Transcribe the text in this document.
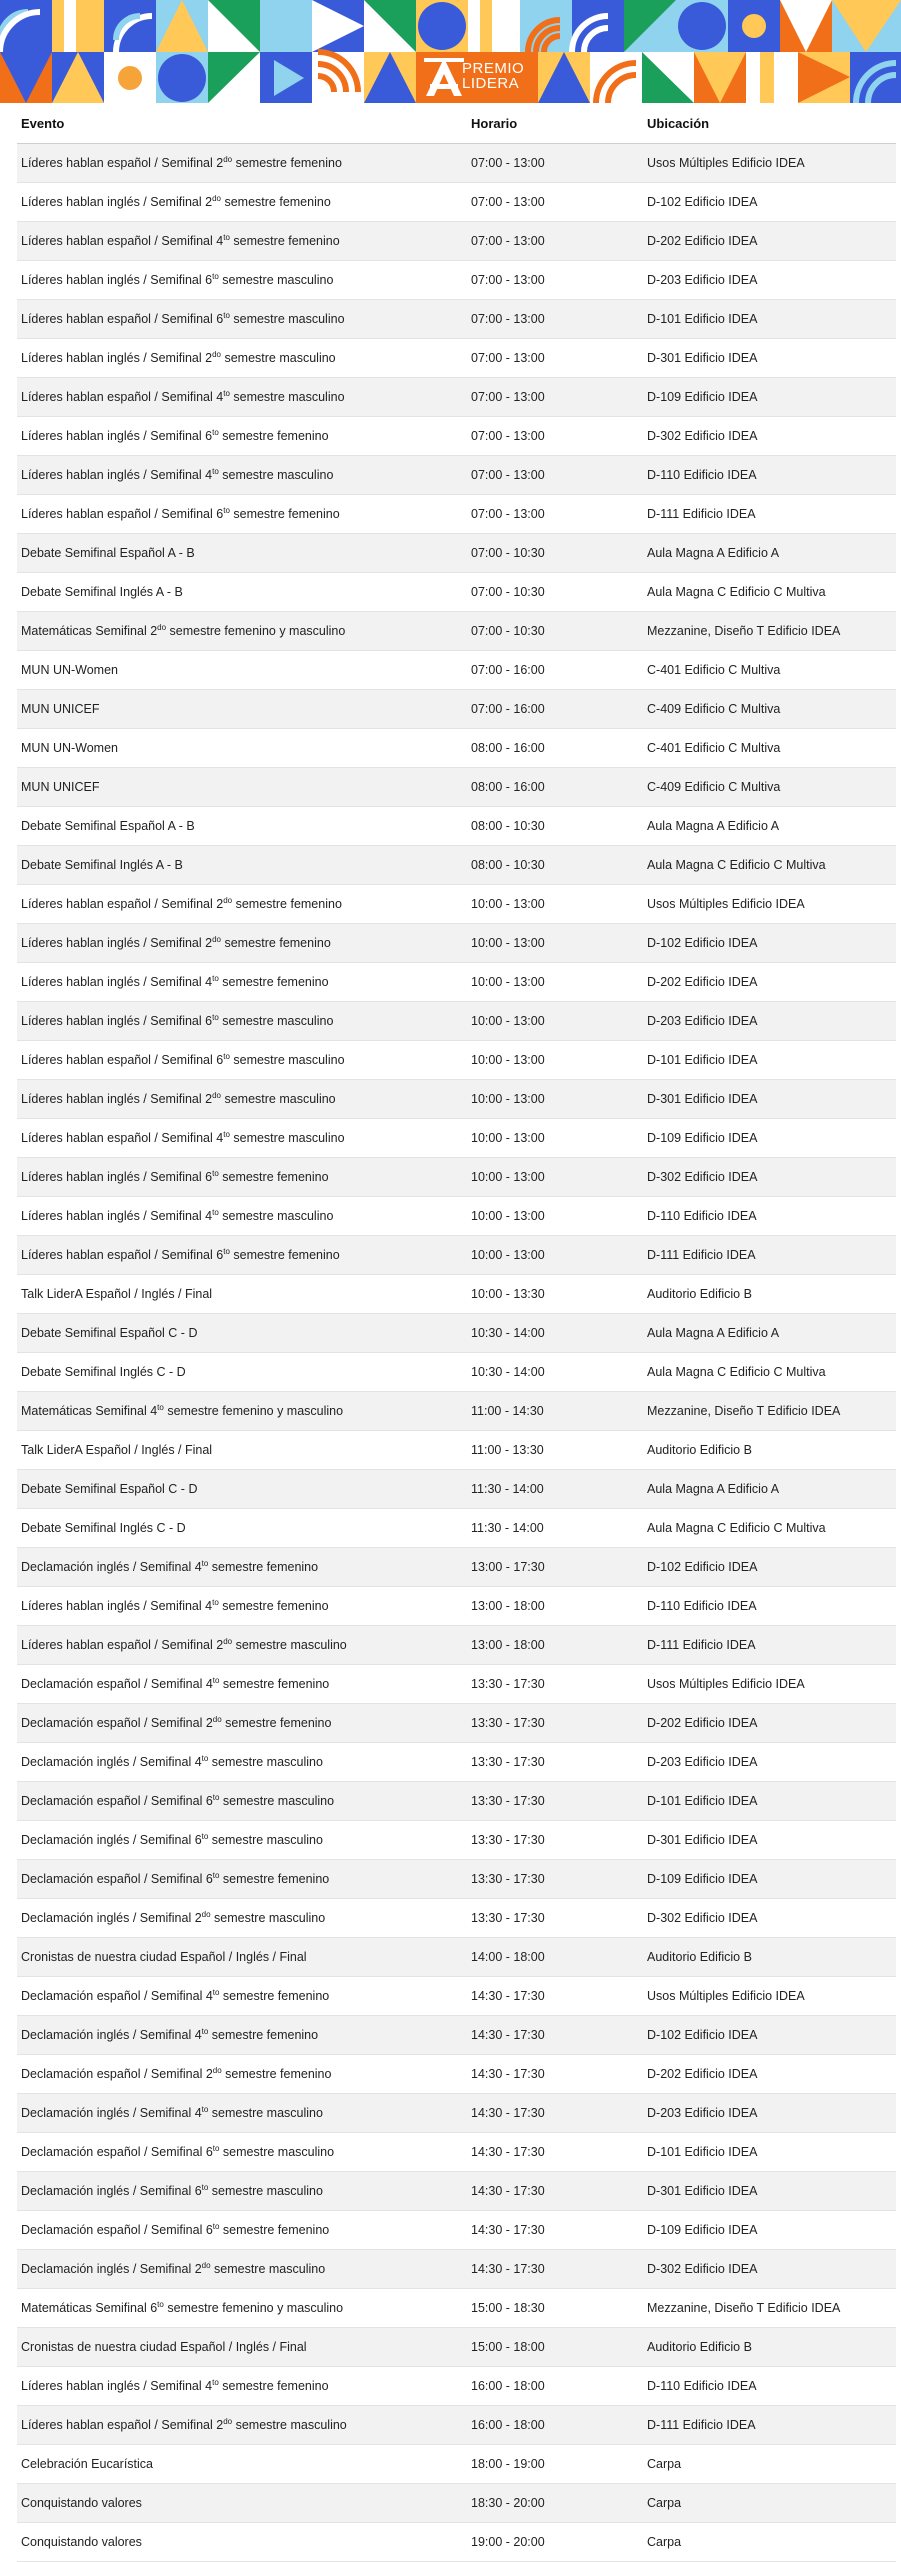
PREMIO
LIDERA
Evento	Horario	Ubicación
Líderes hablan español / Semifinal $2^{do}$ semestre femenino	07:00 - 13:00	Usos Múltiples Edificio IDEA
Líderes hablan inglés / Semifinal $2^{do}$ semestre femenino	07:00 - 13:00	D-102 Edificio IDEA
Líderes hablan español / Semifinal $4^{to}$ semestre femenino	07:00 - 13:00	D-202 Edificio IDEA
Líderes hablan inglés / Semifinal $6^{to}$ semestre masculino	07:00 - 13:00	D-203 Edificio IDEA
Líderes hablan español / Semifinal $6^{to}$ semestre masculino	07:00 - 13:00	D-101 Edificio IDEA
Líderes hablan inglés / Semifinal $2^{do}$ semestre masculino	07:00 - 13:00	D-301 Edificio IDEA
Líderes hablan español / Semifinal $4^{to}$ semestre masculino	07:00 - 13:00	D-109 Edificio IDEA
Líderes hablan inglés / Semifinal $6^{to}$ semestre femenino	07:00 - 13:00	D-302 Edificio IDEA
Líderes hablan inglés / Semifinal $4^{to}$ semestre masculino	07:00 - 13:00	D-110 Edificio IDEA
Líderes hablan español / Semifinal $6^{to}$ semestre femenino	07:00 - 13:00	D-111 Edificio IDEA
Debate Semifinal Español A - B	07:00 - 10:30	Aula Magna A Edificio A
Debate Semifinal Inglés A - B	07:00 - 10:30	Aula Magna C Edificio C Multiva
Matemáticas Semifinal $2^{do}$ semestre femenino y masculino	07:00 - 10:30	Mezzanine, Diseño T Edificio IDEA
MUN UN-Women	07:00 - 16:00	C-401 Edificio C Multiva
MUN UNICEF	07:00 - 16:00	C-409 Edificio C Multiva
MUN UN-Women	08:00 - 16:00	C-401 Edificio C Multiva
MUN UNICEF	08:00 - 16:00	C-409 Edificio C Multiva
Debate Semifinal Español A - B	08:00 - 10:30	Aula Magna A Edificio A
Debate Semifinal Inglés A - B	08:00 - 10:30	Aula Magna C Edificio C Multiva
Líderes hablan español / Semifinal $2^{do}$ semestre femenino	10:00 - 13:00	Usos Múltiples Edificio IDEA
Líderes hablan inglés / Semifinal $2^{do}$ semestre femenino	10:00 - 13:00	D-102 Edificio IDEA
Líderes hablan inglés / Semifinal $4^{to}$ semestre femenino	10:00 - 13:00	D-202 Edificio IDEA
Líderes hablan inglés / Semifinal $6^{to}$ semestre masculino	10:00 - 13:00	D-203 Edificio IDEA
Líderes hablan español / Semifinal $6^{to}$ semestre masculino	10:00 - 13:00	D-101 Edificio IDEA
Líderes hablan inglés / Semifinal $2^{do}$ semestre masculino	10:00 - 13:00	D-301 Edificio IDEA
Líderes hablan español / Semifinal $4^{to}$ semestre masculino	10:00 - 13:00	D-109 Edificio IDEA
Líderes hablan inglés / Semifinal $6^{to}$ semestre femenino	10:00 - 13:00	D-302 Edificio IDEA
Líderes hablan inglés / Semifinal $4^{to}$ semestre masculino	10:00 - 13:00	D-110 Edificio IDEA
Líderes hablan español / Semifinal $6^{to}$ semestre femenino	10:00 - 13:00	D-111 Edificio IDEA
Talk LiderA Español / Inglés / Final	10:00 - 13:30	Auditorio Edificio B
Debate Semifinal Español C - D	10:30 - 14:00	Aula Magna A Edificio A
Debate Semifinal Inglés C - D	10:30 - 14:00	Aula Magna C Edificio C Multiva
Matemáticas Semifinal $4^{to}$ semestre femenino y masculino	11:00 - 14:30	Mezzanine, Diseño T Edificio IDEA
Talk LiderA Español / Inglés / Final	11:00 - 13:30	Auditorio Edificio B
Debate Semifinal Español C - D	11:30 - 14:00	Aula Magna A Edificio A
Debate Semifinal Inglés C - D	11:30 - 14:00	Aula Magna C Edificio C Multiva
Declamación inglés / Semifinal $4^{to}$ semestre femenino	13:00 - 17:30	D-102 Edificio IDEA
Líderes hablan inglés / Semifinal $4^{to}$ semestre femenino	13:00 - 18:00	D-110 Edificio IDEA
Líderes hablan español / Semifinal $2^{do}$ semestre masculino	13:00 - 18:00	D-111 Edificio IDEA
Declamación español / Semifinal $4^{to}$ semestre femenino	13:30 - 17:30	Usos Múltiples Edificio IDEA
Declamación español / Semifinal $2^{do}$ semestre femenino	13:30 - 17:30	D-202 Edificio IDEA
Declamación inglés / Semifinal $4^{to}$ semestre masculino	13:30 - 17:30	D-203 Edificio IDEA
Declamación español / Semifinal $6^{to}$ semestre masculino	13:30 - 17:30	D-101 Edificio IDEA
Declamación inglés / Semifinal $6^{to}$ semestre masculino	13:30 - 17:30	D-301 Edificio IDEA
Declamación español / Semifinal $6^{to}$ semestre femenino	13:30 - 17:30	D-109 Edificio IDEA
Declamación inglés / Semifinal $2^{do}$ semestre masculino	13:30 - 17:30	D-302 Edificio IDEA
Cronistas de nuestra ciudad Español / Inglés / Final	14:00 - 18:00	Auditorio Edificio B
Declamación español / Semifinal $4^{to}$ semestre femenino	14:30 - 17:30	Usos Múltiples Edificio IDEA
Declamación inglés / Semifinal $4^{to}$ semestre femenino	14:30 - 17:30	D-102 Edificio IDEA
Declamación español / Semifinal $2^{do}$ semestre femenino	14:30 - 17:30	D-202 Edificio IDEA
Declamación inglés / Semifinal $4^{to}$ semestre masculino	14:30 - 17:30	D-203 Edificio IDEA
Declamación español / Semifinal $6^{to}$ semestre masculino	14:30 - 17:30	D-101 Edificio IDEA
Declamación inglés / Semifinal $6^{to}$ semestre masculino	14:30 - 17:30	D-301 Edificio IDEA
Declamación español / Semifinal $6^{to}$ semestre femenino	14:30 - 17:30	D-109 Edificio IDEA
Declamación inglés / Semifinal $2^{do}$ semestre masculino	14:30 - 17:30	D-302 Edificio IDEA
Matemáticas Semifinal $6^{to}$ semestre femenino y masculino	15:00 - 18:30	Mezzanine, Diseño T Edificio IDEA
Cronistas de nuestra ciudad Español / Inglés / Final	15:00 - 18:00	Auditorio Edificio B
Líderes hablan inglés / Semifinal $4^{to}$ semestre femenino	16:00 - 18:00	D-110 Edificio IDEA
Líderes hablan español / Semifinal $2^{do}$ semestre masculino	16:00 - 18:00	D-111 Edificio IDEA
Celebración Eucarística	18:00 - 19:00	Carpa
Conquistando valores	18:30 - 20:00	Carpa
Conquistando valores	19:00 - 20:00	Carpa
